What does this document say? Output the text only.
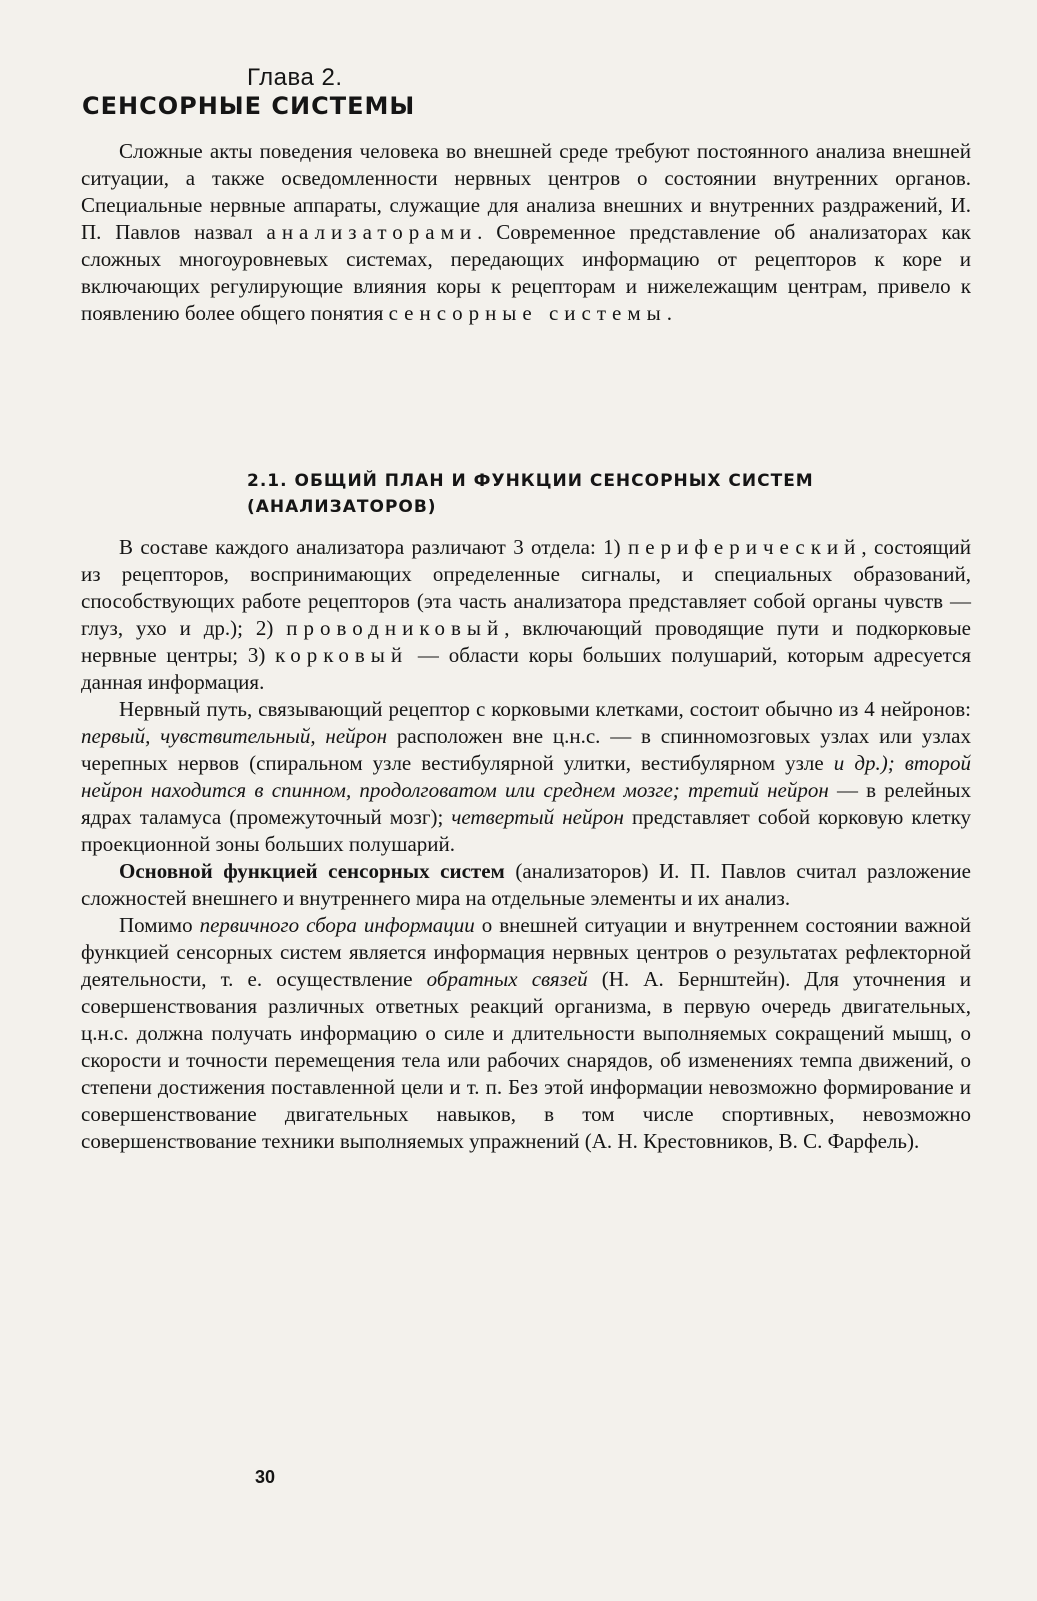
Глава 2.
СЕНСОРНЫЕ СИСТЕМЫ

Сложные акты поведения человека во внешней среде требуют постоянного анализа внешней ситуации, а также осведомленности нервных центров о состоянии внутренних органов. Специальные нервные аппараты, служащие для анализа внешних и внутренних раздражений, И. П. Павлов назвал анализаторами. Современное представление об анализаторах как сложных многоуровневых системах, передающих информацию от рецепторов к коре и включающих регулирующие влияния коры к рецепторам и нижележащим центрам, привело к появлению более общего понятия сенсорные системы.

2.1. ОБЩИЙ ПЛАН И ФУНКЦИИ СЕНСОРНЫХ СИСТЕМ (АНАЛИЗАТОРОВ)

В составе каждого анализатора различают 3 отдела: 1) периферический, состоящий из рецепторов, воспринимающих определенные сигналы, и специальных образований, способствующих работе рецепторов (эта часть анализатора представляет собой органы чувств — глуз, ухо и др.); 2) проводниковый, включающий проводящие пути и подкорковые нервные центры; 3) корковый — области коры больших полушарий, которым адресуется данная информация.

Нервный путь, связывающий рецептор с корковыми клетками, состоит обычно из 4 нейронов: первый, чувствительный, нейрон расположен вне ц.н.с. — в спинномозговых узлах или узлах черепных нервов (спиральном узле вестибулярной улитки, вестибулярном узле и др.); второй нейрон находится в спинном, продолговатом или среднем мозге; третий нейрон — в релейных ядрах таламуса (промежуточный мозг); четвертый нейрон представляет собой корковую клетку проекционной зоны больших полушарий.

Основной функцией сенсорных систем (анализаторов) И. П. Павлов считал разложение сложностей внешнего и внутреннего мира на отдельные элементы и их анализ.

Помимо первичного сбора информации о внешней ситуации и внутреннем состоянии важной функцией сенсорных систем является информация нервных центров о результатах рефлекторной деятельности, т. е. осуществление обратных связей (Н. А. Бернштейн). Для уточнения и совершенствования различных ответных реакций организма, в первую очередь двигательных, ц.н.с. должна получать информацию о силе и длительности выполняемых сокращений мышц, о скорости и точности перемещения тела или рабочих снарядов, об изменениях темпа движений, о степени достижения поставленной цели и т. п. Без этой информации невозможно формирование и совершенствование двигательных навыков, в том числе спортивных, невозможно совершенствование техники выполняемых упражнений (А. Н. Крестовников, В. С. Фарфель).

30
